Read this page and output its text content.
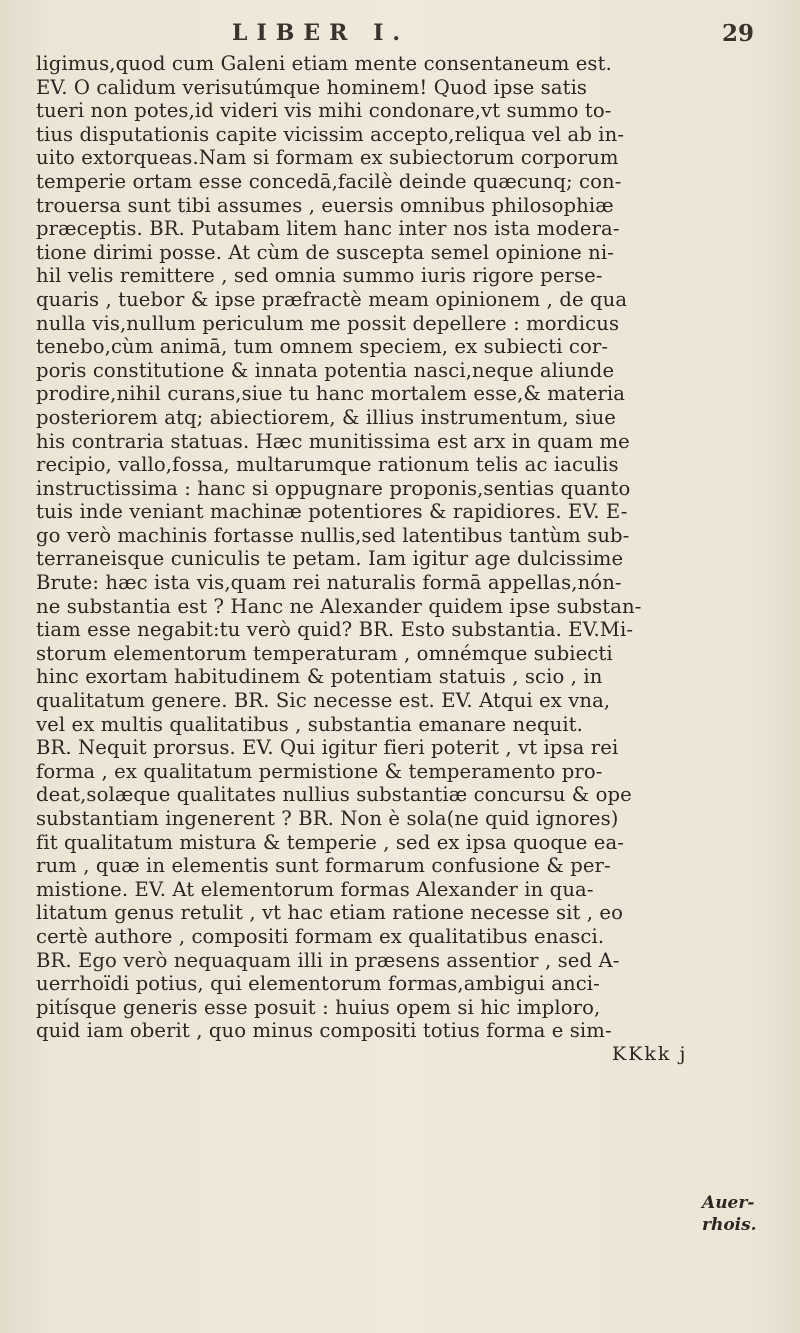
LIBER I.	29
ligimus,quod cum Galeni etiam mente consentaneum est.
EV. O calidum verisutúmque hominem! Quod ipse satis
tueri non potes,id videri vis mihi condonare,vt summo to-
tius disputationis capite vicissim accepto,reliqua vel ab in-
uito extorqueas.Nam si formam ex subiectorum corporum
temperie ortam esse concedā,facilè deinde quæcunq; con-
trouersa sunt tibi assumes , euersis omnibus philosophiæ
præceptis. BR. Putabam litem hanc inter nos ista modera-
tione dirimi posse. At cùm de suscepta semel opinione ni-
hil velis remittere , sed omnia summo iuris rigore perse-
quaris , tuebor & ipse præfractè meam opinionem , de qua
nulla vis,nullum periculum me possit depellere : mordicus
tenebo,cùm animā, tum omnem speciem, ex subiecti cor-
poris constitutione & innata potentia nasci,neque aliunde
prodire,nihil curans,siue tu hanc mortalem esse,& materia
posteriorem atq; abiectiorem, & illius instrumentum, siue
his contraria statuas. Hæc munitissima est arx in quam me
recipio, vallo,fossa, multarumque rationum telis ac iaculis
instructissima : hanc si oppugnare proponis,sentias quanto
tuis inde veniant machinæ potentiores & rapidiores. EV. E-
go verò machinis fortasse nullis,sed latentibus tantùm sub-
terraneisque cuniculis te petam. Iam igitur age dulcissime
Brute: hæc ista vis,quam rei naturalis formā appellas,nón-
ne substantia est ? Hanc ne Alexander quidem ipse substan-
tiam esse negabit:tu verò quid? BR. Esto substantia. EV.Mi-
storum elementorum temperaturam , omnémque subiecti
hinc exortam habitudinem & potentiam statuis , scio , in
qualitatum genere. BR. Sic necesse est. EV. Atqui ex vna,
vel ex multis qualitatibus , substantia emanare nequit.
BR. Nequit prorsus. EV. Qui igitur fieri poterit , vt ipsa rei
forma , ex qualitatum permistione & temperamento pro-
deat,solæque qualitates nullius substantiæ concursu & ope
substantiam ingenerent ? BR. Non è sola(ne quid ignores)
fit qualitatum mistura & temperie , sed ex ipsa quoque ea-
rum , quæ in elementis sunt formarum confusione & per-
mistione. EV. At elementorum formas Alexander in qua-
litatum genus retulit , vt hac etiam ratione necesse sit , eo
certè authore , compositi formam ex qualitatibus enasci.
BR. Ego verò nequaquam illi in præsens assentior , sed A-
uerrhoïdi potius, qui elementorum formas,ambigui anci-
pitísque generis esse posuit : huius opem si hic imploro,
quid iam oberit , quo minus compositi totius forma e sim-
KKkk j
Auer-
rhois.
